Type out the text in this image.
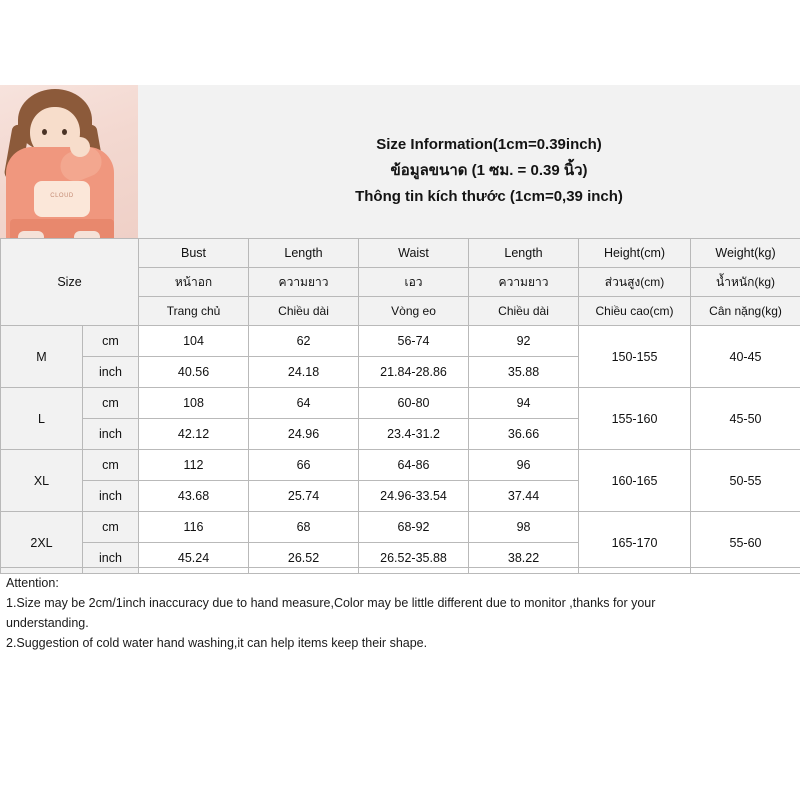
CLOUD
Size Information(1cm=0.39inch)
ข้อมูลขนาด (1 ซม. = 0.39 นิ้ว)
Thông tin kích thước (1cm=0,39 inch)
Size		Bust	Length	Waist	Length	Height(cm)	Weight(kg)
		หน้าอก	ความยาว	เอว	ความยาว	ส่วนสูง(cm)	น้ำหนัก(kg)
		Trang chủ	Chiều dài	Vòng eo	Chiều dài	Chiều cao(cm)	Cân nặng(kg)
M	cm	104	62	56-74	92	150-155	40-45
	inch	40.56	24.18	21.84-28.86	35.88		
L	cm	108	64	60-80	94	155-160	45-50
	inch	42.12	24.96	23.4-31.2	36.66		
XL	cm	112	66	64-86	96	160-165	50-55
	inch	43.68	25.74	24.96-33.54	37.44		
2XL	cm	116	68	68-92	98	165-170	55-60
	inch	45.24	26.52	26.52-35.88	38.22		

Attention:

1.Size may be 2cm/1inch inaccuracy due to hand measure,Color may be little different due to monitor ,thanks for your

understanding.

2.Suggestion of cold water hand washing,it can help items keep their shape.
